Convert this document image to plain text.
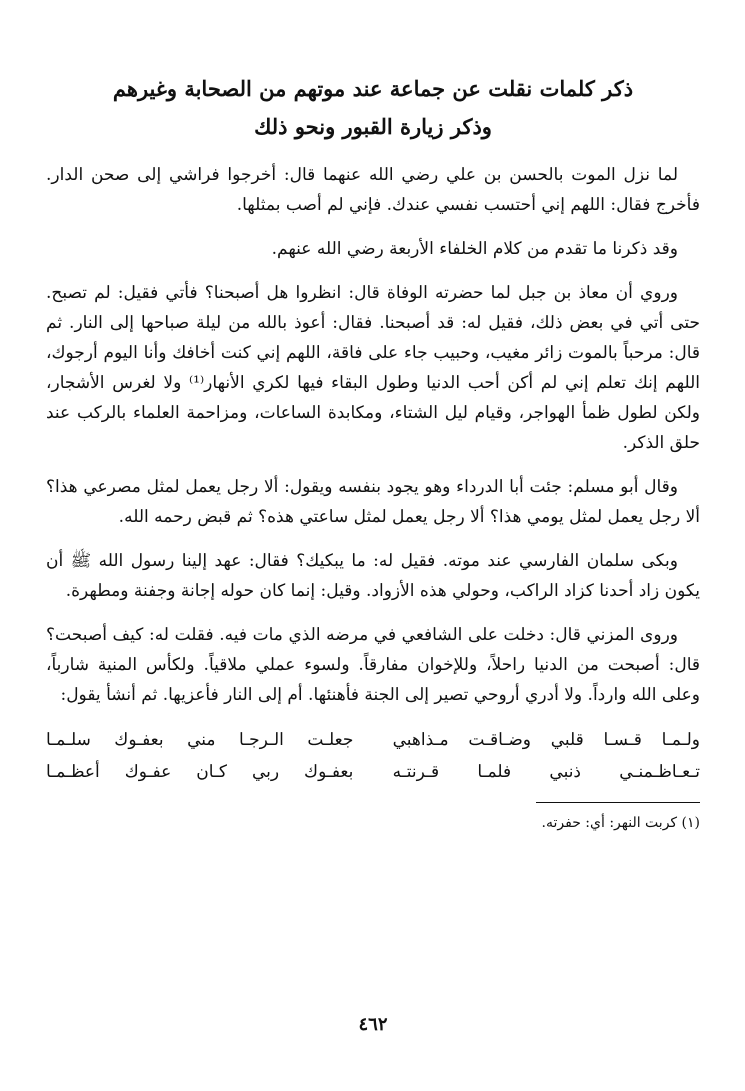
ذكر كلمات نقلت عن جماعة عند موتهم من الصحابة وغيرهم
وذكر زيارة القبور ونحو ذلك

لما نزل الموت بالحسن بن علي رضي الله عنهما قال: أخرجوا فراشي إلى صحن الدار. فأخرج فقال: اللهم إني أحتسب نفسي عندك. فإني لم أصب بمثلها.

وقد ذكرنا ما تقدم من كلام الخلفاء الأربعة رضي الله عنهم.

وروي أن معاذ بن جبل لما حضرته الوفاة قال: انظروا هل أصبحنا؟ فأتي فقيل: لم تصبح. حتى أتي في بعض ذلك، فقيل له: قد أصبحنا. فقال: أعوذ بالله من ليلة صباحها إلى النار. ثم قال: مرحباً بالموت زائر مغيب، وحبيب جاء على فاقة، اللهم إني كنت أخافك وأنا اليوم أرجوك، اللهم إنك تعلم إني لم أكن أحب الدنيا وطول البقاء فيها لكري الأنهار⁽¹⁾ ولا لغرس الأشجار، ولكن لطول ظمأ الهواجر، وقيام ليل الشتاء، ومكابدة الساعات، ومزاحمة العلماء بالركب عند حلق الذكر.

وقال أبو مسلم: جئت أبا الدرداء وهو يجود بنفسه ويقول: ألا رجل يعمل لمثل مصرعي هذا؟ ألا رجل يعمل لمثل يومي هذا؟ ألا رجل يعمل لمثل ساعتي هذه؟ ثم قبض رحمه الله.

وبكى سلمان الفارسي عند موته. فقيل له: ما يبكيك؟ فقال: عهد إلينا رسول الله ﷺ أن يكون زاد أحدنا كزاد الراكب، وحولي هذه الأزواد. وقيل: إنما كان حوله إجانة وجفنة ومطهرة.

وروى المزني قال: دخلت على الشافعي في مرضه الذي مات فيه. فقلت له: كيف أصبحت؟ قال: أصبحت من الدنيا راحلاً، وللإخوان مفارقاً. ولسوء عملي ملاقياً. ولكأس المنية شارباً، وعلى الله وارداً. ولا أدري أروحي تصير إلى الجنة فأهنئها. أم إلى النار فأعزيها. ثم أنشأ يقول:

ولـمـا قـسـا قلبي وضـاقـت مـذاهبي
جعلـت الـرجـا مني بعفـوك سلـمـا
تـعـاظـمنـي ذنبي فلمـا قـرنتـه
بعفـوك ربي كـان عفـوك أعظـمـا
(١) كربت النهر: أي: حفرته.
٤٦٢
